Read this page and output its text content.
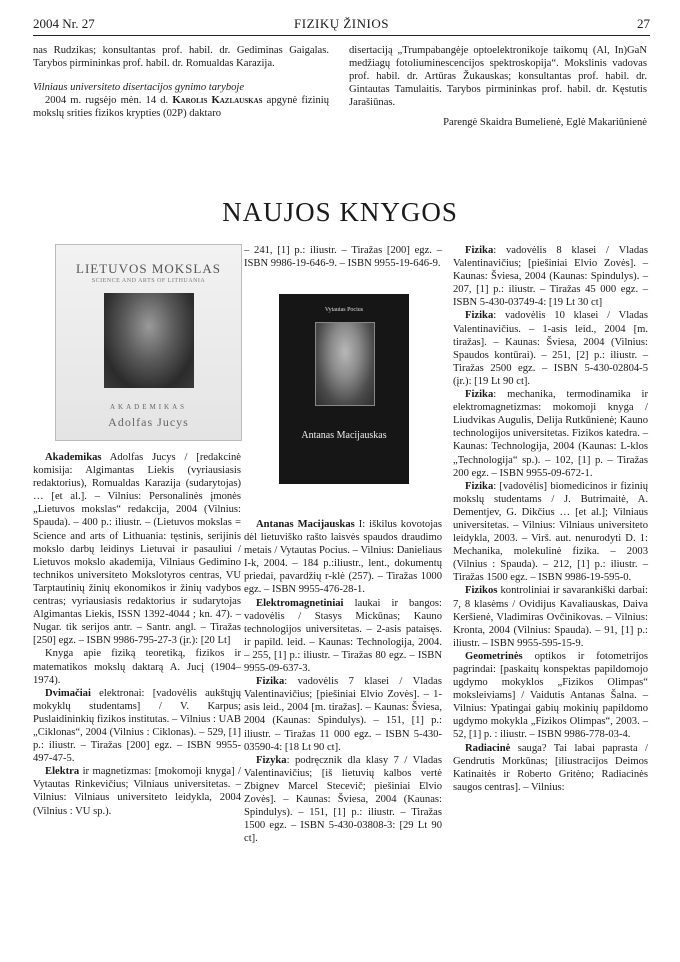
2004 Nr. 27	FIZIKŲ ŽINIOS	27

nas Rudzikas; konsultantas prof. habil. dr. Gediminas Gaigalas. Tarybos pirmininkas prof. habil. dr. Romualdas Karazija.

Vilniaus universiteto disertacijos gynimo taryboje

2004 m. rugsėjo mėn. 14 d. Karolis Kazlauskas apgynė fizinių mokslų srities fizikos krypties (02P) daktaro

disertaciją „Trumpabangėje optoelektronikoje taikomų (Al, In)GaN medžiagų fotoliuminescencijos spektroskopija“. Mokslinis vadovas prof. habil. dr. Artūras Žukauskas; konsultantas prof. habil. dr. Gintautas Tamulaitis. Tarybos pirmininkas prof. habil. dr. Kęstutis Jarašiūnas.

Parengė Skaidra Bumelienė, Eglė Makariūnienė

NAUJOS KNYGOS
LIETUVOS MOKSLAS
SCIENCE AND ARTS OF LITHUANIA
AKADEMIKAS
Adolfas Jucys
Vytautas Pocius
Antanas Macijauskas

Akademikas Adolfas Jucys / [redakcinė komisija: Algimantas Liekis (vyriausiasis redaktorius), Romualdas Karazija (sudarytojas) … [et al.]. – Vilnius: Personalinės įmonės „Lietuvos mokslas“ redakcija, 2004 (Vilnius: Spauda). – 400 p.: iliustr. – (Lietuvos mokslas = Science and arts of Lithuania: tęstinis, serijinis mokslo darbų leidinys Lietuvai ir pasauliui / Lietuvos mokslo akademija, Vilniaus Gedimino technikos universiteto Mokslotyros centras, VU Tarptautinių žinių ekonomikos ir žinių vadybos centras; vyriausiasis redaktorius ir sudarytojas Algimantas Liekis, ISSN 1392-4044 ; kn. 47). – Nugar. tik serijos antr. – Santr. angl. – Tiražas [250] egz. – ISBN 9986-795-27-3 (įr.): [20 Lt]

Knyga apie fiziką teoretiką, fizikos ir matematikos mokslų daktarą A. Jucį (1904–1974).

Dvimačiai elektronai: [vadovėlis aukštųjų mokyklų studentams] / V. Karpus; Puslaidininkių fizikos institutas. – Vilnius : UAB „Ciklonas“, 2004 (Vilnius : Ciklonas). – 529, [1] p.: iliustr. – Tiražas [200] egz. – ISBN 9955-497-47-5.

Elektra ir magnetizmas: [mokomoji knyga] / Vytautas Rinkevičius; Vilniaus universitetas. – Vilnius: Vilniaus universiteto leidykla, 2004 (Vilnius : VU sp.).

– 241, [1] p.: iliustr. – Tiražas [200] egz. – ISBN 9986-19-646-9. – ISBN 9955-19-646-9.

Antanas Macijauskas I: iškilus kovotojas dėl lietuviško rašto laisvės spaudos draudimo metais / Vytautas Pocius. – Vilnius: Danieliaus I-k, 2004. – 184 p.:iliustr., lent., dokumentų priedai, pavardžių r-klė (257). – Tiražas 1000 egz. – ISBN 9955-476-28-1.

Elektromagnetiniai laukai ir bangos: vadovėlis / Stasys Mickūnas; Kauno technologijos universitetas. – 2-asis pataisęs. ir papild. leid. – Kaunas: Technologija, 2004. – 255, [1] p.: iliustr. – Tiražas 80 egz. – ISBN 9955-09-637-3.

Fizika: vadovėlis 7 klasei / Vladas Valentinavičius; [piešiniai Elvio Zovės]. – 1-asis leid., 2004 [m. tiražas]. – Kaunas: Šviesa, 2004 (Kaunas: Spindulys). – 151, [1] p.: iliustr. – Tiražas 11 000 egz. – ISBN 5-430-03590-4: [18 Lt 90 ct].

Fizyka: podręcznik dla klasy 7 / Vladas Valentinavičius; [iš lietuvių kalbos vertė Zbignev Marcel Stecevič; piešiniai Elvio Zovės]. – Kaunas: Šviesa, 2004 (Kaunas: Spindulys). – 151, [1] p.: iliustr. – Tiražas 1500 egz. – ISBN 5-430-03808-3: [29 Lt 90 ct].

Fizika: vadovėlis 8 klasei / Vladas Valentinavičius; [piešiniai Elvio Zovės]. – Kaunas: Šviesa, 2004 (Kaunas: Spindulys). – 207, [1] p.: iliustr. – Tiražas 45 000 egz. – ISBN 5-430-03749-4: [19 Lt 30 ct]

Fizika: vadovėlis 10 klasei / Vladas Valentinavičius. – 1-asis leid., 2004 [m. tiražas]. – Kaunas: Šviesa, 2004 (Vilnius: Spaudos kontūrai). – 251, [2] p.: iliustr. – Tiražas 2500 egz. – ISBN 5-430-02804-5 (įr.): [19 Lt 90 ct].

Fizika: mechanika, termodinamika ir elektromagnetizmas: mokomoji knyga / Liudvikas Augulis, Delija Rutkūnienė; Kauno technologijos universitetas. Fizikos katedra. – Kaunas: Technologija, 2004 (Kaunas: L-klos „Technologija“ sp.). – 102, [1] p. – Tiražas 200 egz. – ISBN 9955-09-672-1.

Fizika: [vadovėlis] biomedicinos ir fizinių mokslų studentams / J. Butrimaitė, A. Dementjev, G. Dikčius … [et al.]; Vilniaus universitetas. – Vilnius: Vilniaus universiteto leidykla, 2003. – Virš. aut. nenurodyti D. 1: Mechanika, molekulinė fizika. – 2003 (Vilnius : Spauda). – 212, [1] p.: iliustr. – Tiražas 1500 egz. – ISBN 9986-19-595-0.

Fizikos kontroliniai ir savarankiški darbai: 7, 8 klasėms / Ovidijus Kavaliauskas, Daiva Keršienė, Vladimiras Ovčinikovas. – Vilnius: Kronta, 2004 (Vilnius: Spauda). – 91, [1] p.: iliustr. – ISBN 9955-595-15-9.

Geometrinės optikos ir fotometrijos pagrindai: [paskaitų konspektas papildomojo ugdymo mokyklos „Fizikos Olimpas“ moksleiviams] / Vaidutis Antanas Šalna. – Vilnius: Ypatingai gabių mokinių papildomo ugdymo mokykla „Fizikos Olimpas“, 2003. – 52, [1] p. : iliustr. – ISBN 9986-778-03-4.

Radiacinė sauga? Tai labai paprasta / Gendrutis Morkūnas; [iliustracijos Deimos Katinaitės ir Roberto Gritėno; Radiacinės saugos centras]. – Vilnius:
